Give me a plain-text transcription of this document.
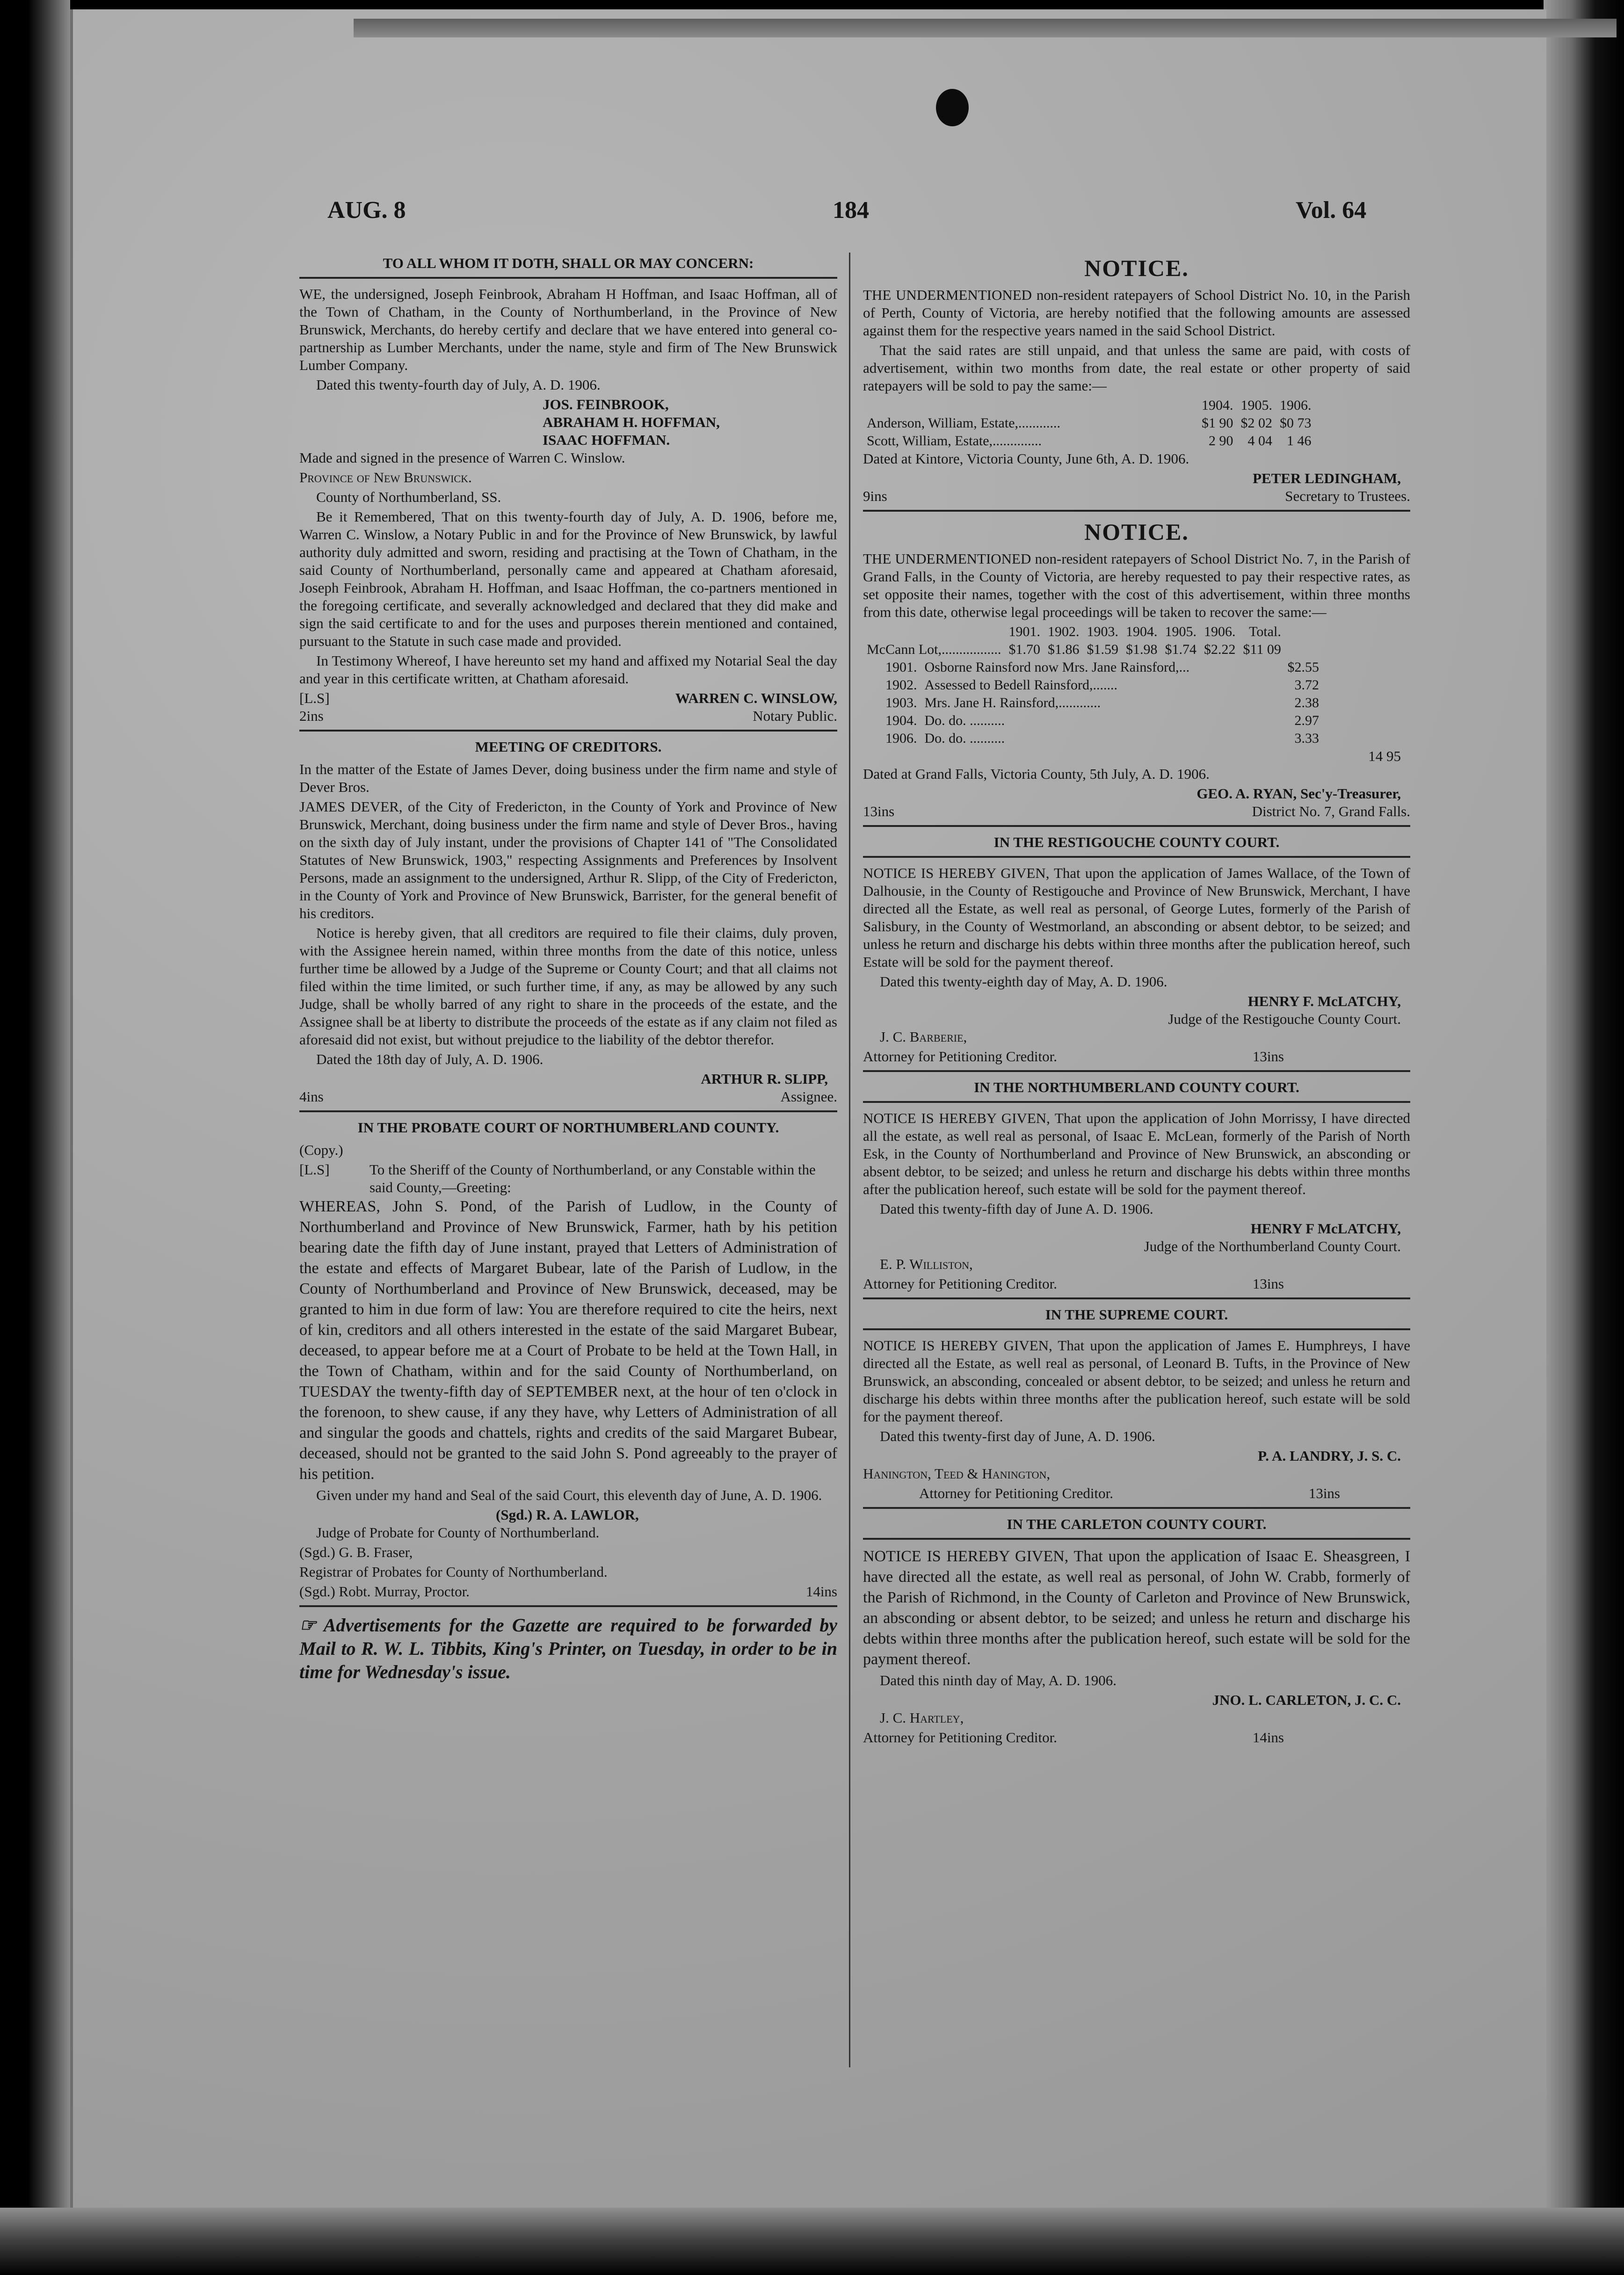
AUG. 8	184	Vol. 64
TO ALL WHOM IT DOTH, SHALL OR MAY CONCERN:

WE, the undersigned, Joseph Feinbrook, Abraham H Hoffman, and Isaac Hoffman, all of the Town of Chatham, in the County of Northumberland, in the Province of New Brunswick, Merchants, do hereby certify and declare that we have entered into general co-partnership as Lumber Merchants, under the name, style and firm of The New Brunswick Lumber Company.

Dated this twenty-fourth day of July, A. D. 1906.

JOS. FEINBROOK,
ABRAHAM H. HOFFMAN,
ISAAC HOFFMAN.

Made and signed in the presence of Warren C. Winslow.

Province of New Brunswick.

County of Northumberland, SS.

Be it Remembered, That on this twenty-fourth day of July, A. D. 1906, before me, Warren C. Winslow, a Notary Public in and for the Province of New Brunswick, by lawful authority duly admitted and sworn, residing and practising at the Town of Chatham, in the said County of Northumberland, personally came and appeared at Chatham aforesaid, Joseph Feinbrook, Abraham H. Hoffman, and Isaac Hoffman, the co-partners mentioned in the foregoing certificate, and severally acknowledged and declared that they did make and sign the said certificate to and for the uses and purposes therein mentioned and contained, pursuant to the Statute in such case made and provided.

In Testimony Whereof, I have hereunto set my hand and affixed my Notarial Seal the day and year in this certificate written, at Chatham aforesaid.

[L.S]	WARREN C. WINSLOW,
2ins	Notary Public.
MEETING OF CREDITORS.

In the matter of the Estate of James Dever, doing business under the firm name and style of Dever Bros.

JAMES DEVER, of the City of Fredericton, in the County of York and Province of New Brunswick, Merchant, doing business under the firm name and style of Dever Bros., having on the sixth day of July instant, under the provisions of Chapter 141 of "The Consolidated Statutes of New Brunswick, 1903," respecting Assignments and Preferences by Insolvent Persons, made an assignment to the undersigned, Arthur R. Slipp, of the City of Fredericton, in the County of York and Province of New Brunswick, Barrister, for the general benefit of his creditors.

Notice is hereby given, that all creditors are required to file their claims, duly proven, with the Assignee herein named, within three months from the date of this notice, unless further time be allowed by a Judge of the Supreme or County Court; and that all claims not filed within the time limited, or such further time, if any, as may be allowed by any such Judge, shall be wholly barred of any right to share in the proceeds of the estate, and the Assignee shall be at liberty to distribute the proceeds of the estate as if any claim not filed as aforesaid did not exist, but without prejudice to the liability of the debtor therefor.

Dated the 18th day of July, A. D. 1906.

ARTHUR R. SLIPP,
4ins	Assignee.
IN THE PROBATE COURT OF NORTHUMBERLAND COUNTY.

(Copy.)

[L.S]	To the Sheriff of the County of Northumberland, or any Constable within the said County,—Greeting:

WHEREAS, John S. Pond, of the Parish of Ludlow, in the County of Northumberland and Province of New Brunswick, Farmer, hath by his petition bearing date the fifth day of June instant, prayed that Letters of Administration of the estate and effects of Margaret Bubear, late of the Parish of Ludlow, in the County of Northumberland and Province of New Brunswick, deceased, may be granted to him in due form of law: You are therefore required to cite the heirs, next of kin, creditors and all others interested in the estate of the said Margaret Bubear, deceased, to appear before me at a Court of Probate to be held at the Town Hall, in the Town of Chatham, within and for the said County of Northumberland, on TUESDAY the twenty-fifth day of SEPTEMBER next, at the hour of ten o'clock in the forenoon, to shew cause, if any they have, why Letters of Administration of all and singular the goods and chattels, rights and credits of the said Margaret Bubear, deceased, should not be granted to the said John S. Pond agreeably to the prayer of his petition.

Given under my hand and Seal of the said Court, this eleventh day of June, A. D. 1906.

(Sgd.) R. A. LAWLOR,

Judge of Probate for County of Northumberland.

(Sgd.) G. B. Fraser,

Registrar of Probates for County of Northumberland.

(Sgd.) Robt. Murray, Proctor.	14ins

☞ Advertisements for the Gazette are required to be forwarded by Mail to R. W. L. Tibbits, King's Printer, on Tuesday, in order to be in time for Wednesday's issue.

NOTICE.

THE UNDERMENTIONED non-resident ratepayers of School District No. 10, in the Parish of Perth, County of Victoria, are hereby notified that the following amounts are assessed against them for the respective years named in the said School District.

That the said rates are still unpaid, and that unless the same are paid, with costs of advertisement, within two months from date, the real estate or other property of said ratepayers will be sold to pay the same:—

	1904.	1905.	1906.
Anderson, William, Estate,............	$1 90	$2 02	$0 73
Scott, William, Estate,..............	2 90	4 04	1 46

Dated at Kintore, Victoria County, June 6th, A. D. 1906.

PETER LEDINGHAM,
9ins	Secretary to Trustees.
NOTICE.

THE UNDERMENTIONED non-resident ratepayers of School District No. 7, in the Parish of Grand Falls, in the County of Victoria, are hereby requested to pay their respective rates, as set opposite their names, together with the cost of this advertisement, within three months from this date, otherwise legal proceedings will be taken to recover the same:—

	1901.	1902.	1903.	1904.	1905.	1906.	Total.
McCann Lot,.................	$1.70	$1.86	$1.59	$1.98	$1.74	$2.22	$11 09
1901.	Osborne Rainsford now Mrs. Jane Rainsford,...	$2.55
1902.	Assessed to Bedell Rainsford,.......	3.72
1903.	Mrs. Jane H. Rainsford,............	2.38
1904.	Do. do. ..........	2.97
1906.	Do. do. ..........	3.33
14 95

Dated at Grand Falls, Victoria County, 5th July, A. D. 1906.

GEO. A. RYAN, Sec'y-Treasurer,
13ins	District No. 7, Grand Falls.
IN THE RESTIGOUCHE COUNTY COURT.

NOTICE IS HEREBY GIVEN, That upon the application of James Wallace, of the Town of Dalhousie, in the County of Restigouche and Province of New Brunswick, Merchant, I have directed all the Estate, as well real as personal, of George Lutes, formerly of the Parish of Salisbury, in the County of Westmorland, an absconding or absent debtor, to be seized; and unless he return and discharge his debts within three months after the publication hereof, such Estate will be sold for the payment thereof.

Dated this twenty-eighth day of May, A. D. 1906.

HENRY F. McLATCHY,
Judge of the Restigouche County Court.

J. C. Barberie,

Attorney for Petitioning Creditor.	13ins
IN THE NORTHUMBERLAND COUNTY COURT.

NOTICE IS HEREBY GIVEN, That upon the application of John Morrissy, I have directed all the estate, as well real as personal, of Isaac E. McLean, formerly of the Parish of North Esk, in the County of Northumberland and Province of New Brunswick, an absconding or absent debtor, to be seized; and unless he return and discharge his debts within three months after the publication hereof, such estate will be sold for the payment thereof.

Dated this twenty-fifth day of June A. D. 1906.

HENRY F McLATCHY,
Judge of the Northumberland County Court.

E. P. Williston,

Attorney for Petitioning Creditor.	13ins
IN THE SUPREME COURT.

NOTICE IS HEREBY GIVEN, That upon the application of James E. Humphreys, I have directed all the Estate, as well real as personal, of Leonard B. Tufts, in the Province of New Brunswick, an absconding, concealed or absent debtor, to be seized; and unless he return and discharge his debts within three months after the publication hereof, such estate will be sold for the payment thereof.

Dated this twenty-first day of June, A. D. 1906.

P. A. LANDRY, J. S. C.

Hanington, Teed & Hanington,

Attorney for Petitioning Creditor.	13ins
IN THE CARLETON COUNTY COURT.

NOTICE IS HEREBY GIVEN, That upon the application of Isaac E. Sheasgreen, I have directed all the estate, as well real as personal, of John W. Crabb, formerly of the Parish of Richmond, in the County of Carleton and Province of New Brunswick, an absconding or absent debtor, to be seized; and unless he return and discharge his debts within three months after the publication hereof, such estate will be sold for the payment thereof.

Dated this ninth day of May, A. D. 1906.

JNO. L. CARLETON, J. C. C.

J. C. Hartley,

Attorney for Petitioning Creditor.	14ins
